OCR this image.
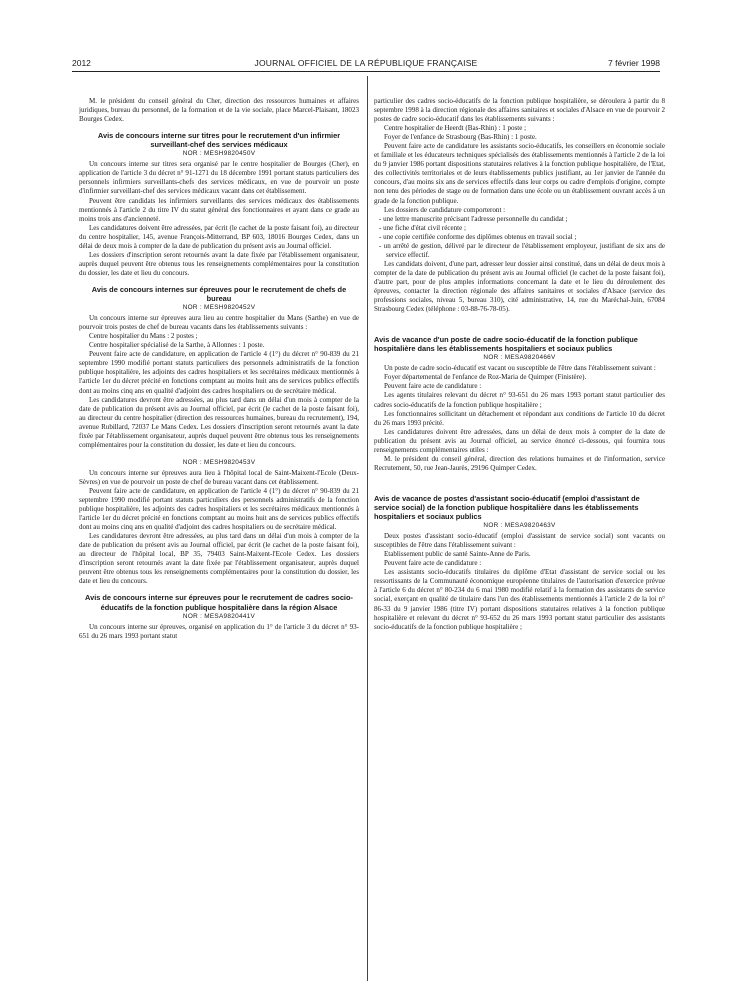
2012	JOURNAL OFFICIEL DE LA RÉPUBLIQUE FRANÇAISE	7 février 1998

M. le président du conseil général du Cher, direction des ressources humaines et affaires juridiques, bureau du personnel, de la formation et de la vie sociale, place Marcel-Plaisant, 18023 Bourges Cedex.

Avis de concours interne sur titres pour le recrutement d'un infirmier surveillant-chef des services médicaux
NOR : MESH9820450V

Un concours interne sur titres sera organisé par le centre hospitalier de Bourges (Cher), en application de l'article 3 du décret n° 91-1271 du 18 décembre 1991 portant statuts particuliers des personnels infirmiers surveillants-chefs des services médicaux, en vue de pourvoir un poste d'infirmier surveillant-chef des services médicaux vacant dans cet établissement.

Peuvent être candidats les infirmiers surveillants des services médicaux des établissements mentionnés à l'article 2 du titre IV du statut général des fonctionnaires et ayant dans ce grade au moins trois ans d'ancienneté.

Les candidatures doivent être adressées, par écrit (le cachet de la poste faisant foi), au directeur du centre hospitalier, 145, avenue François-Mitterrand, BP 603, 18016 Bourges Cedex, dans un délai de deux mois à compter de la date de publication du présent avis au Journal officiel.

Les dossiers d'inscription seront retournés avant la date fixée par l'établissement organisateur, auprès duquel peuvent être obtenus tous les renseignements complémentaires pour la constitution du dossier, les date et lieu du concours.

Avis de concours internes sur épreuves pour le recrutement de chefs de bureau
NOR : MESH9820452V

Un concours interne sur épreuves aura lieu au centre hospitalier du Mans (Sarthe) en vue de pourvoir trois postes de chef de bureau vacants dans les établissements suivants :

Centre hospitalier du Mans : 2 postes ;

Centre hospitalier spécialisé de la Sarthe, à Allonnes : 1 poste.

Peuvent faire acte de candidature, en application de l'article 4 (1°) du décret n° 90-839 du 21 septembre 1990 modifié portant statuts particuliers des personnels administratifs de la fonction publique hospitalière, les adjoints des cadres hospitaliers et les secrétaires médicaux mentionnés à l'article 1er du décret précité en fonctions comptant au moins huit ans de services publics effectifs dont au moins cinq ans en qualité d'adjoint des cadres hospitaliers ou de secrétaire médical.

Les candidatures devront être adressées, au plus tard dans un délai d'un mois à compter de la date de publication du présent avis au Journal officiel, par écrit (le cachet de la poste faisant foi), au directeur du centre hospitalier (direction des ressources humaines, bureau du recrutement), 194, avenue Rubillard, 72037 Le Mans Cedex. Les dossiers d'inscription seront retournés avant la date fixée par l'établissement organisateur, auprès duquel peuvent être obtenus tous les renseignements complémentaires pour la constitution du dossier, les date et lieu du concours.

NOR : MESH9820453V

Un concours interne sur épreuves aura lieu à l'hôpital local de Saint-Maixent-l'Ecole (Deux-Sèvres) en vue de pourvoir un poste de chef de bureau vacant dans cet établissement.

Peuvent faire acte de candidature, en application de l'article 4 (1°) du décret n° 90-839 du 21 septembre 1990 modifié portant statuts particuliers des personnels administratifs de la fonction publique hospitalière, les adjoints des cadres hospitaliers et les secrétaires médicaux mentionnés à l'article 1er du décret précité en fonctions comptant au moins huit ans de services publics effectifs dont au moins cinq ans en qualité d'adjoint des cadres hospitaliers ou de secrétaire médical.

Les candidatures devront être adressées, au plus tard dans un délai d'un mois à compter de la date de publication du présent avis au Journal officiel, par écrit (le cachet de la poste faisant foi), au directeur de l'hôpital local, BP 35, 79403 Saint-Maixent-l'Ecole Cedex. Les dossiers d'inscription seront retournés avant la date fixée par l'établissement organisateur, auprès duquel peuvent être obtenus tous les renseignements complémentaires pour la constitution du dossier, les date et lieu du concours.

Avis de concours interne sur épreuves pour le recrutement de cadres socio-éducatifs de la fonction publique hospitalière dans la région Alsace
NOR : MESA9820441V

Un concours interne sur épreuves, organisé en application du 1° de l'article 3 du décret n° 93-651 du 26 mars 1993 portant statut

particulier des cadres socio-éducatifs de la fonction publique hospitalière, se déroulera à partir du 8 septembre 1998 à la direction régionale des affaires sanitaires et sociales d'Alsace en vue de pourvoir 2 postes de cadre socio-éducatif dans les établissements suivants :

Centre hospitalier de Heerdt (Bas-Rhin) : 1 poste ;

Foyer de l'enfance de Strasbourg (Bas-Rhin) : 1 poste.

Peuvent faire acte de candidature les assistants socio-éducatifs, les conseillers en économie sociale et familiale et les éducateurs techniques spécialisés des établissements mentionnés à l'article 2 de la loi du 9 janvier 1986 portant dispositions statutaires relatives à la fonction publique hospitalière, de l'Etat, des collectivités territoriales et de leurs établissements publics justifiant, au 1er janvier de l'année du concours, d'au moins six ans de services effectifs dans leur corps ou cadre d'emplois d'origine, compte non tenu des périodes de stage ou de formation dans une école ou un établissement ouvrant accès à un grade de la fonction publique.

Les dossiers de candidature comporteront :

- une lettre manuscrite précisant l'adresse personnelle du candidat ;

- une fiche d'état civil récente ;

- une copie certifiée conforme des diplômes obtenus en travail social ;

- un arrêté de gestion, délivré par le directeur de l'établissement employeur, justifiant de six ans de service effectif.

Les candidats doivent, d'une part, adresser leur dossier ainsi constitué, dans un délai de deux mois à compter de la date de publication du présent avis au Journal officiel (le cachet de la poste faisant foi), d'autre part, pour de plus amples informations concernant la date et le lieu du déroulement des épreuves, contacter la direction régionale des affaires sanitaires et sociales d'Alsace (service des professions sociales, niveau 5, bureau 310), cité administrative, 14, rue du Maréchal-Juin, 67084 Strasbourg Cedex (téléphone : 03-88-76-78-05).

Avis de vacance d'un poste de cadre socio-éducatif de la fonction publique hospitalière dans les établissements hospitaliers et sociaux publics
NOR : MESA9820466V

Un poste de cadre socio-éducatif est vacant ou susceptible de l'être dans l'établissement suivant :

Foyer départemental de l'enfance de Roz-Maria de Quimper (Finistère).

Peuvent faire acte de candidature :

Les agents titulaires relevant du décret n° 93-651 du 26 mars 1993 portant statut particulier des cadres socio-éducatifs de la fonction publique hospitalière ;

Les fonctionnaires sollicitant un détachement et répondant aux conditions de l'article 10 du décret du 26 mars 1993 précité.

Les candidatures doivent être adressées, dans un délai de deux mois à compter de la date de publication du présent avis au Journal officiel, au service énoncé ci-dessous, qui fournira tous renseignements complémentaires utiles :

M. le président du conseil général, direction des relations humaines et de l'information, service Recrutement, 50, rue Jean-Jaurès, 29196 Quimper Cedex.

Avis de vacance de postes d'assistant socio-éducatif (emploi d'assistant de service social) de la fonction publique hospitalière dans les établissements hospitaliers et sociaux publics
NOR : MESA9820463V

Deux postes d'assistant socio-éducatif (emploi d'assistant de service social) sont vacants ou susceptibles de l'être dans l'établissement suivant :

Etablissement public de santé Sainte-Anne de Paris.

Peuvent faire acte de candidature :

Les assistants socio-éducatifs titulaires du diplôme d'Etat d'assistant de service social ou les ressortissants de la Communauté économique européenne titulaires de l'autorisation d'exercice prévue à l'article 6 du décret n° 80-234 du 6 mai 1980 modifié relatif à la formation des assistants de service social, exerçant en qualité de titulaire dans l'un des établissements mentionnés à l'article 2 de la loi n° 86-33 du 9 janvier 1986 (titre IV) portant dispositions statutaires relatives à la fonction publique hospitalière et relevant du décret n° 93-652 du 26 mars 1993 portant statut particulier des assistants socio-éducatifs de la fonction publique hospitalière ;
